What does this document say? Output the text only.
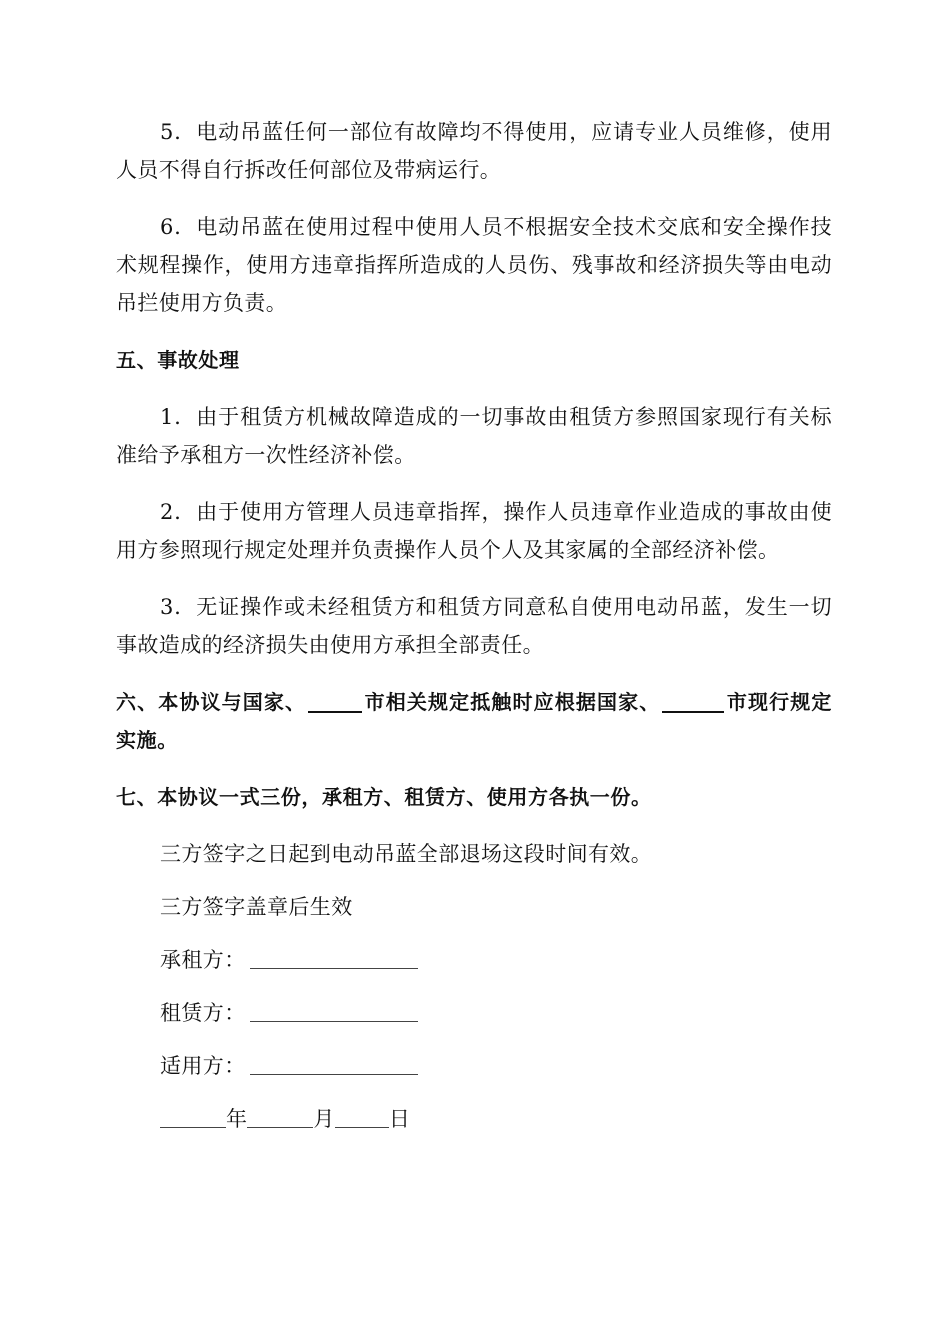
5．电动吊蓝任何一部位有故障均不得使用，应请专业人员维修，使用人员不得自行拆改任何部位及带病运行。

6．电动吊蓝在使用过程中使用人员不根据安全技术交底和安全操作技术规程操作，使用方违章指挥所造成的人员伤、残事故和经济损失等由电动吊拦使用方负责。

五、事故处理

1．由于租赁方机械故障造成的一切事故由租赁方参照国家现行有关标准给予承租方一次性经济补偿。

2．由于使用方管理人员违章指挥，操作人员违章作业造成的事故由使用方参照现行规定处理并负责操作人员个人及其家属的全部经济补偿。

3．无证操作或未经租赁方和租赁方同意私自使用电动吊蓝，发生一切事故造成的经济损失由使用方承担全部责任。

六、本协议与国家、	市相关规定抵触时应根据国家、	市现行规定实施。
七、本协议一式三份，承租方、租赁方、使用方各执一份。
三方签字之日起到电动吊蓝全部退场这段时间有效。
三方签字盖章后生效
承租方：
租赁方：
适用方：
年	月	日
